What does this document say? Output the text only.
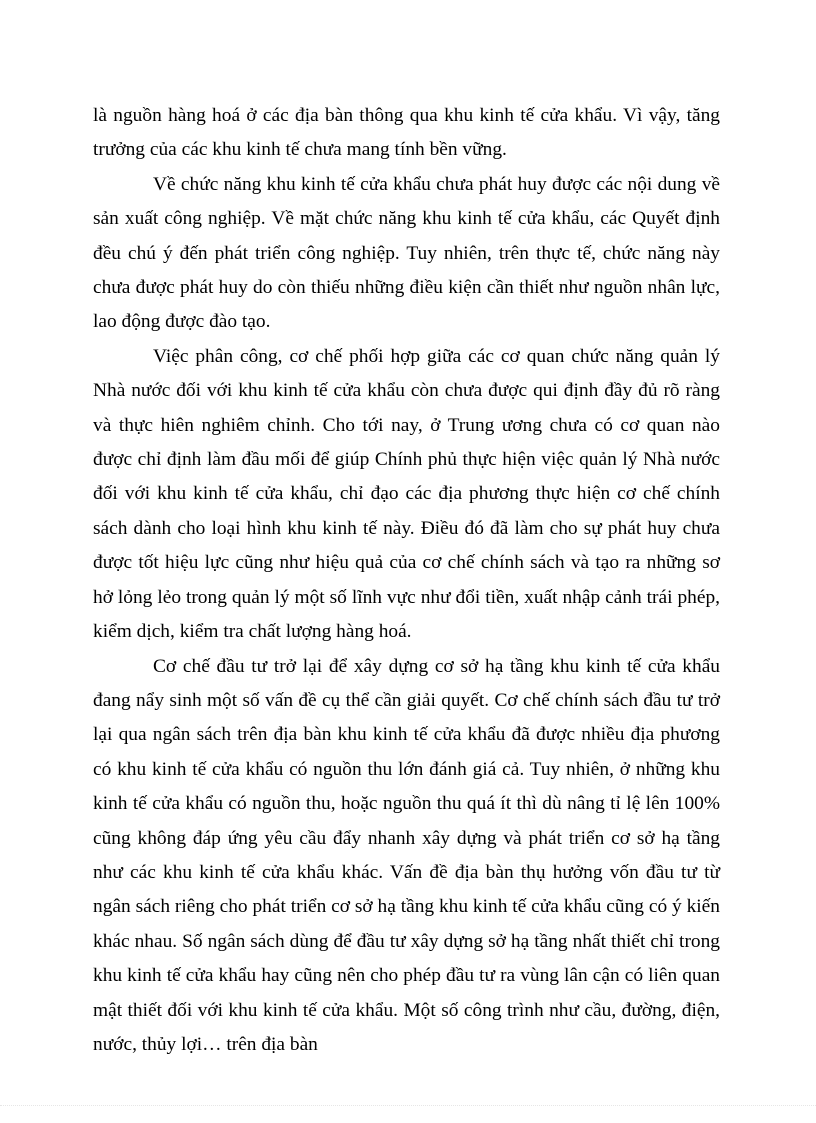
là nguồn hàng hoá ở các địa bàn thông qua khu kinh tế cửa khẩu. Vì vậy, tăng trưởng của các khu kinh tế chưa mang tính bền vững.

Về chức năng khu kinh tế cửa khẩu chưa phát huy được các nội dung về sản xuất công nghiệp. Về mặt chức năng khu kinh tế cửa khẩu, các Quyết định đều chú ý đến phát triển công nghiệp. Tuy nhiên, trên thực tế, chức năng này chưa được phát huy do còn thiếu những điều kiện cần thiết như nguồn nhân lực, lao động được đào tạo.

Việc phân công, cơ chế phối hợp giữa các cơ quan chức năng quản lý Nhà nước đối với khu kinh tế cửa khẩu còn chưa được qui định đầy đủ rõ ràng và thực hiên nghiêm chỉnh. Cho tới nay, ở Trung ương chưa có cơ quan nào được chỉ định làm đầu mối để giúp Chính phủ thực hiện việc quản lý Nhà nước đối với khu kinh tế cửa khẩu, chỉ đạo các địa phương thực hiện cơ chế chính sách dành cho loại hình khu kinh tế này. Điều đó đã làm cho sự phát huy chưa được tốt hiệu lực cũng như hiệu quả của cơ chế chính sách và tạo ra những sơ hở lỏng lẻo trong quản lý một số lĩnh vực như đổi tiền, xuất nhập cảnh trái phép, kiểm dịch, kiểm tra chất lượng hàng hoá.

Cơ chế đầu tư trở lại để xây dựng cơ sở hạ tầng khu kinh tế cửa khẩu đang nẩy sinh một số vấn đề cụ thể cần giải quyết. Cơ chế chính sách đầu tư trở lại qua ngân sách trên địa bàn khu kinh tế cửa khẩu đã được nhiều địa phương có khu kinh tế cửa khẩu có nguồn thu lớn đánh giá cả. Tuy nhiên, ở những khu kinh tế cửa khẩu có nguồn thu, hoặc nguồn thu quá ít thì dù nâng tỉ lệ lên 100% cũng không đáp ứng yêu cầu đẩy nhanh xây dựng và phát triển cơ sở hạ tầng như các khu kinh tế cửa khẩu khác. Vấn đề địa bàn thụ hưởng vốn đầu tư từ ngân sách riêng cho phát triển cơ sở hạ tầng khu kinh tế cửa khẩu cũng có ý kiến khác nhau. Số ngân sách dùng để đầu tư xây dựng sở hạ tầng nhất thiết chỉ trong khu kinh tế cửa khẩu hay cũng nên cho phép đầu tư ra vùng lân cận có liên quan mật thiết đối với khu kinh tế cửa khẩu. Một số công trình như cầu, đường, điện, nước, thủy lợi… trên địa bàn
